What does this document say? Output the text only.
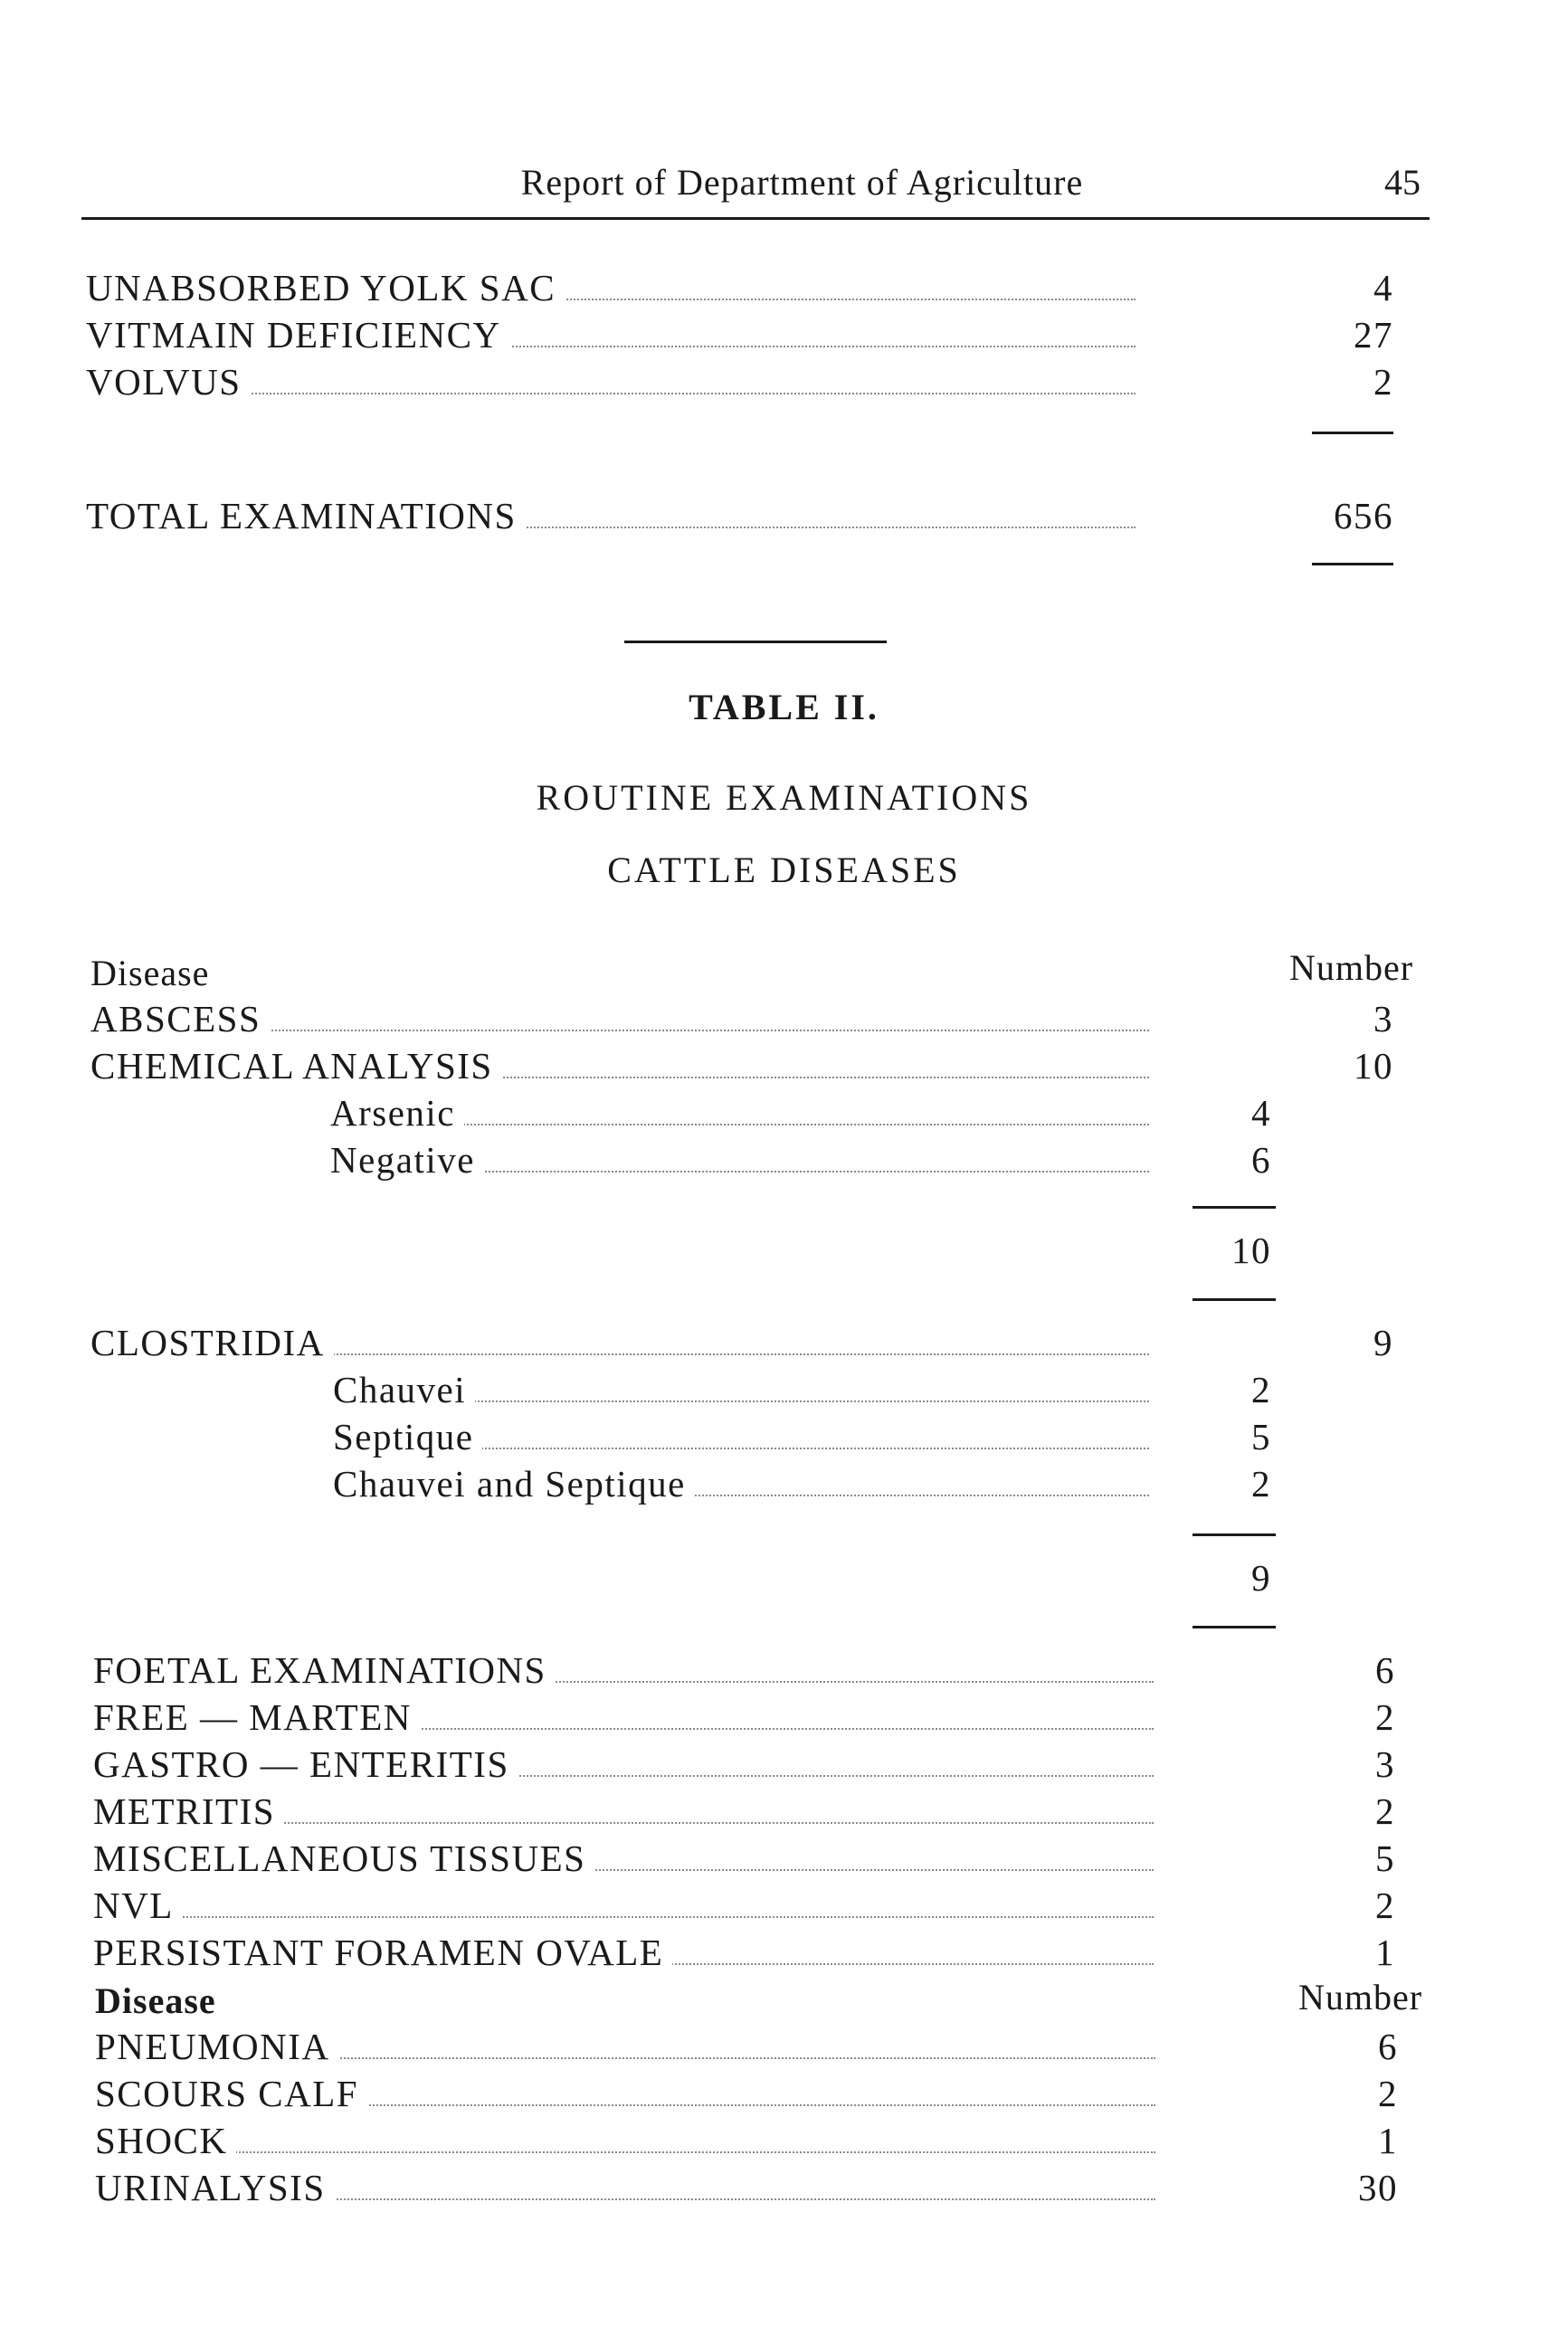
Report of Department of Agriculture	45
UNABSORBED YOLK SAC	4
VITMAIN DEFICIENCY	27
VOLVUS	2
TOTAL EXAMINATIONS	656
TABLE II.
ROUTINE EXAMINATIONS
CATTLE DISEASES
Disease	Number
ABSCESS	3
CHEMICAL ANALYSIS	10
Arsenic	4
Negative	6
10
CLOSTRIDIA	9
Chauvei	2
Septique	5
Chauvei and Septique	2
9
FOETAL EXAMINATIONS	6
FREE — MARTEN	2
GASTRO — ENTERITIS	3
METRITIS	2
MISCELLANEOUS TISSUES	5
NVL	2
PERSISTANT FORAMEN OVALE	1
Disease	Number
PNEUMONIA	6
SCOURS CALF	2
SHOCK	1
URINALYSIS	30
